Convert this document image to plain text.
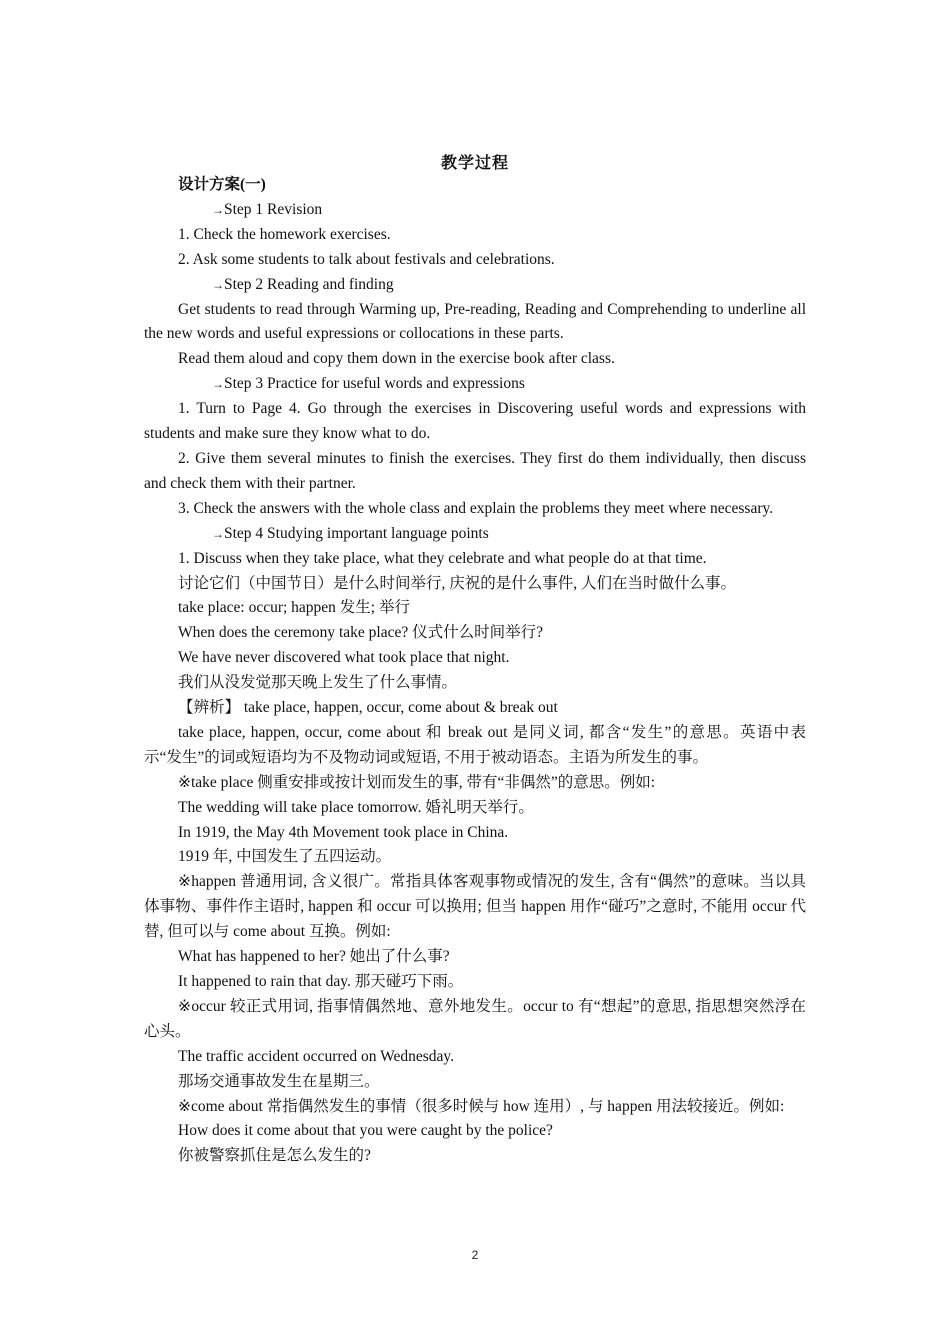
教学过程

设计方案(一)

→Step 1 Revision

1. Check the homework exercises.

2. Ask some students to talk about festivals and celebrations.

→Step 2 Reading and finding

Get students to read through Warming up, Pre-reading, Reading and Comprehending to underline all the new words and useful expressions or collocations in these parts.

Read them aloud and copy them down in the exercise book after class.

→Step 3 Practice for useful words and expressions

1. Turn to Page 4. Go through the exercises in Discovering useful words and expressions with students and make sure they know what to do.

2. Give them several minutes to finish the exercises. They first do them individually, then discuss and check them with their partner.

3. Check the answers with the whole class and explain the problems they meet where necessary.

→Step 4 Studying important language points

1. Discuss when they take place, what they celebrate and what people do at that time.

讨论它们（中国节日）是什么时间举行, 庆祝的是什么事件, 人们在当时做什么事。

take place: occur; happen 发生; 举行

When does the ceremony take place? 仪式什么时间举行?

We have never discovered what took place that night.

我们从没发觉那天晚上发生了什么事情。

【辨析】 take place, happen, occur, come about & break out

take place, happen, occur, come about 和 break out 是同义词, 都含“发生”的意思。英语中表示“发生”的词或短语均为不及物动词或短语, 不用于被动语态。主语为所发生的事。

※take place 侧重安排或按计划而发生的事, 带有“非偶然”的意思。例如:

The wedding will take place tomorrow. 婚礼明天举行。

In 1919, the May 4th Movement took place in China.

1919 年, 中国发生了五四运动。

※happen 普通用词, 含义很广。常指具体客观事物或情况的发生, 含有“偶然”的意味。当以具体事物、事件作主语时, happen 和 occur 可以换用; 但当 happen 用作“碰巧”之意时, 不能用 occur 代替, 但可以与 come about 互换。例如:

What has happened to her? 她出了什么事?

It happened to rain that day. 那天碰巧下雨。

※occur 较正式用词, 指事情偶然地、意外地发生。occur to 有“想起”的意思, 指思想突然浮在心头。

The traffic accident occurred on Wednesday.

那场交通事故发生在星期三。

※come about 常指偶然发生的事情（很多时候与 how 连用）, 与 happen 用法较接近。例如:

How does it come about that you were caught by the police?

你被警察抓住是怎么发生的?

2
